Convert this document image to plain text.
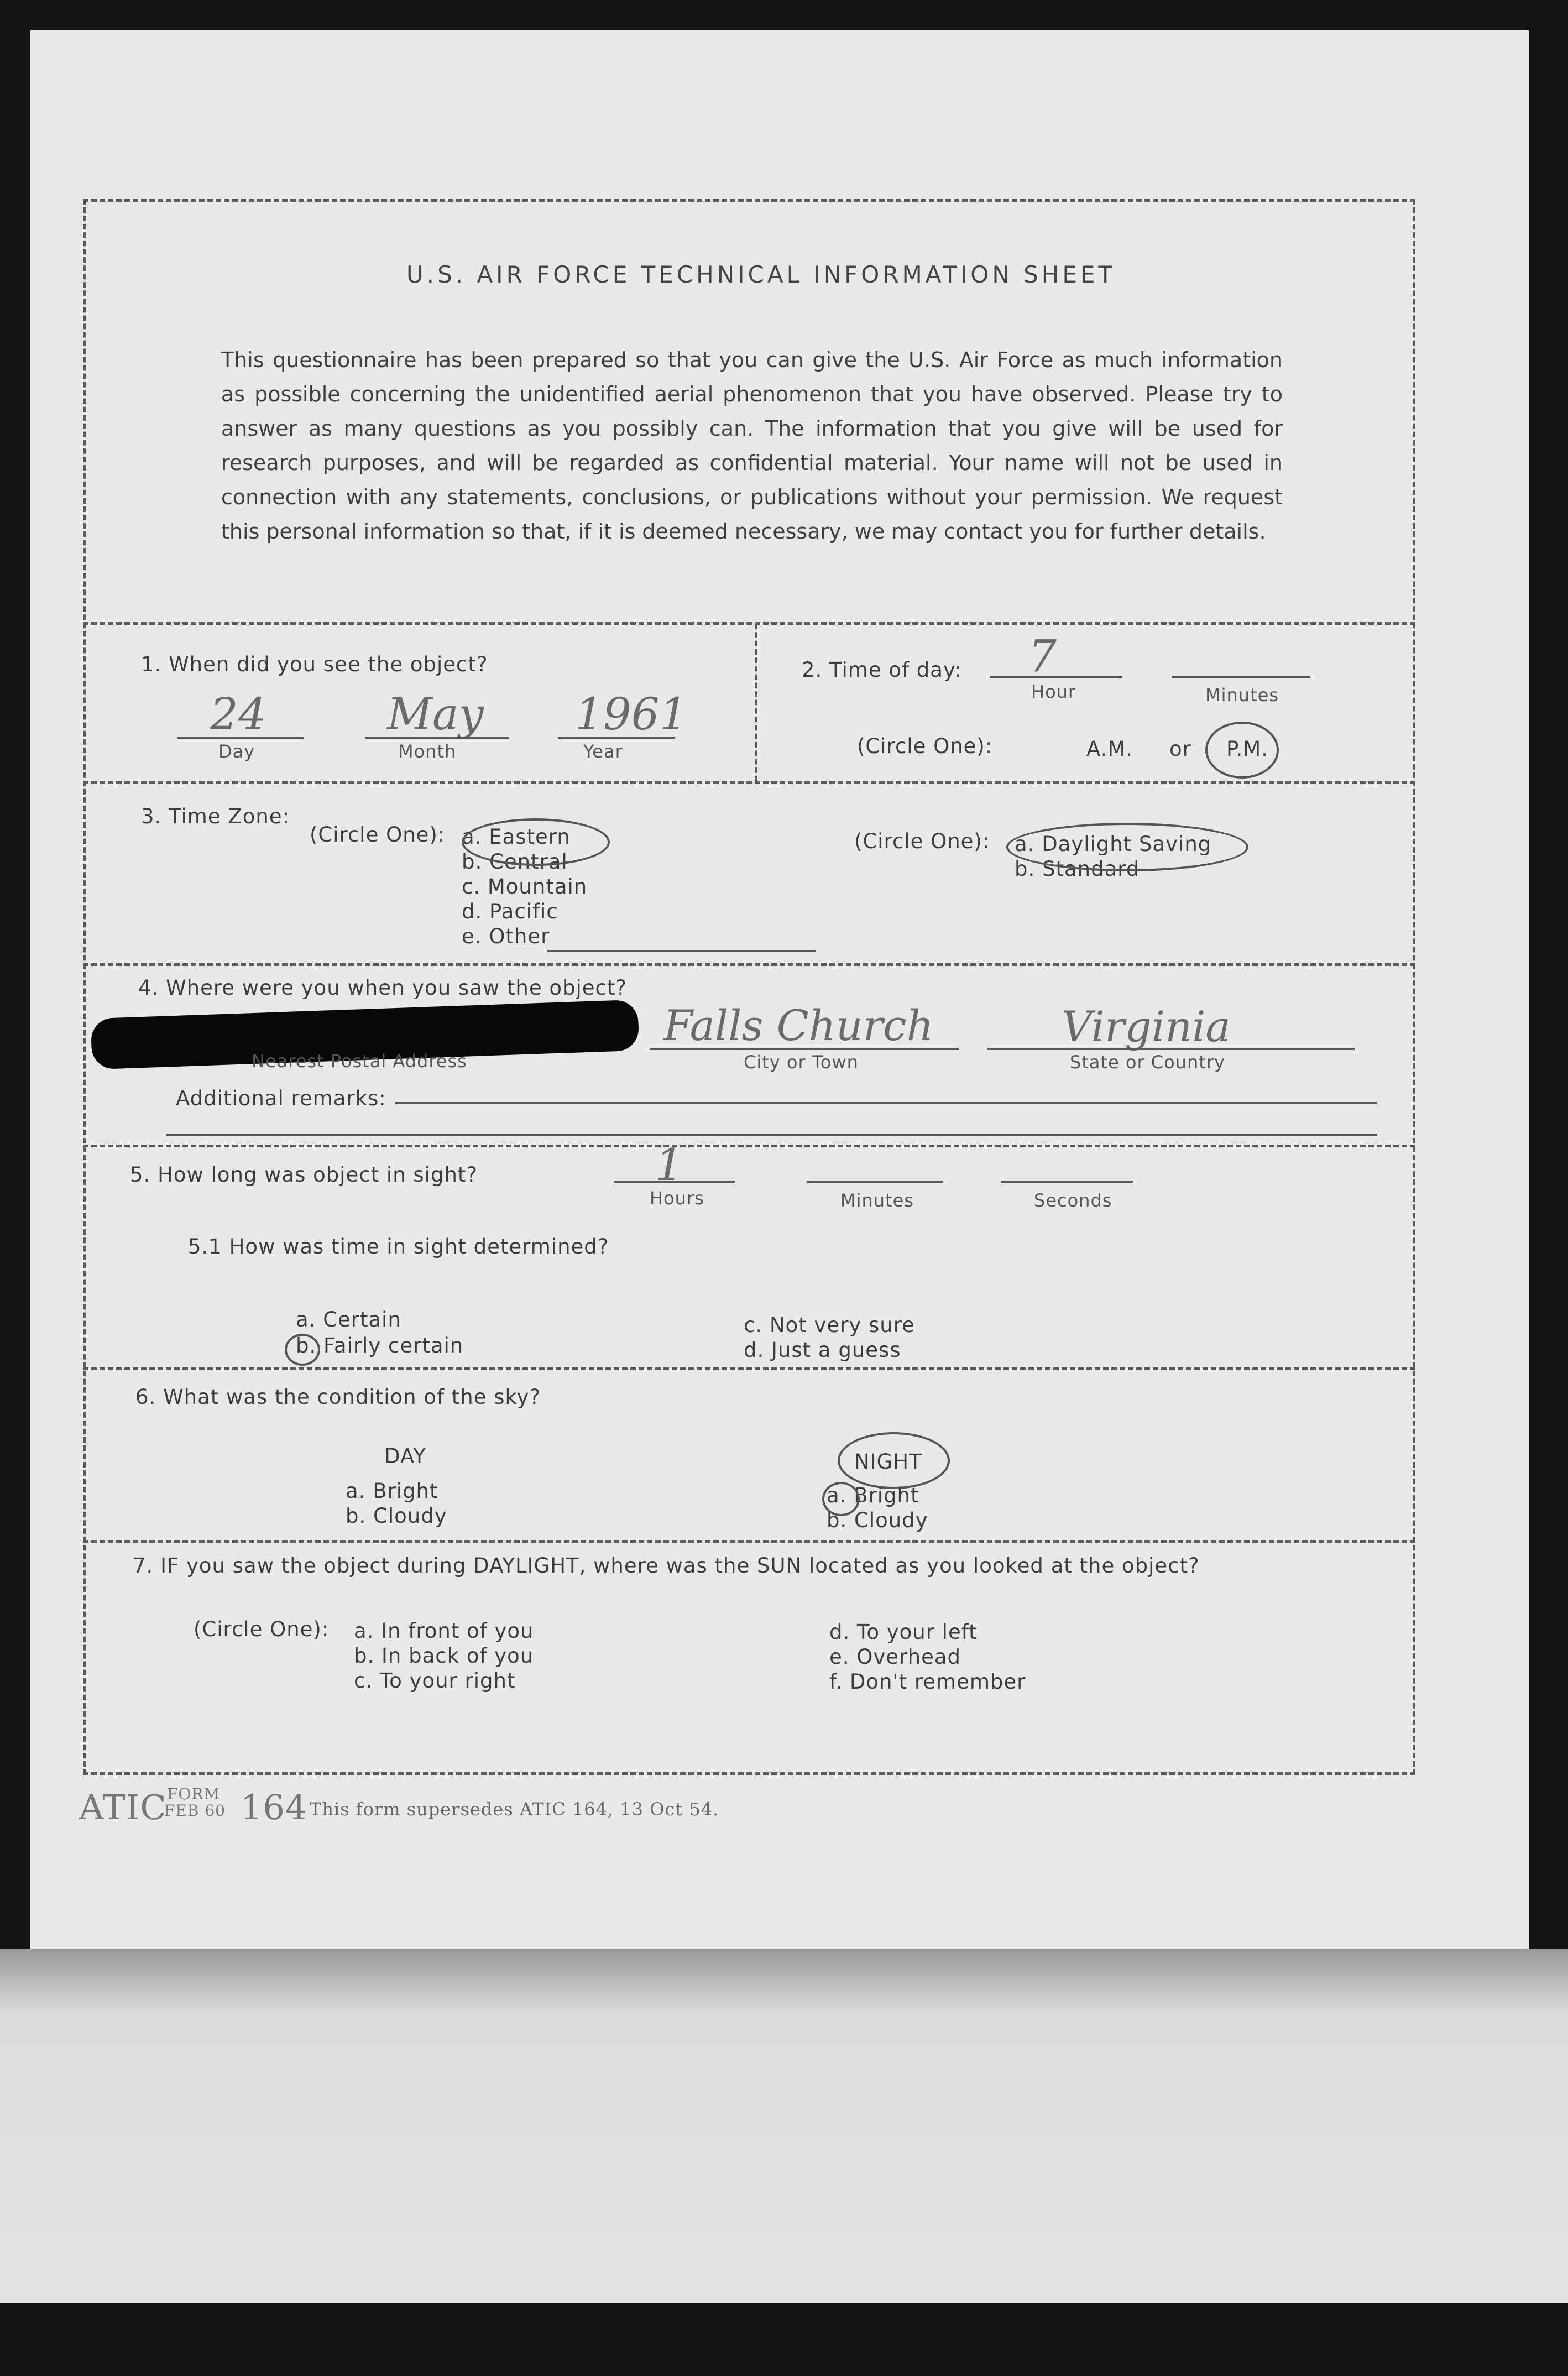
U.S. AIR FORCE TECHNICAL INFORMATION SHEET
This questionnaire has been prepared so that you can give the U.S. Air Force as much information as possible concerning the unidentified aerial phenomenon that you have observed. Please try to answer as many questions as you possibly can. The information that you give will be used for research purposes, and will be regarded as confidential material. Your name will not be used in connection with any statements, conclusions, or publications without your permission. We request this personal information so that, if it is deemed necessary, we may contact you for further details.
1. When did you see the object?
24	May 1961
Day	Month	Year
2. Time of day: 7
Hour	Minutes
(Circle One):	A.M. or P.M.
3. Time Zone:
(Circle One): a. Eastern
b. Central
c. Mountain
d. Pacific
e. Other
(Circle One): a. Daylight Saving
b. Standard
4. Where were you when you saw the object?
Nearest Postal Address
Falls Church
City or Town
Virginia
State or Country
Additional remarks:
5. How long was object in sight?	1
Hours	Minutes	Seconds
5.1 How was time in sight determined?
a. Certain
b. Fairly certain
c. Not very sure
d. Just a guess
6. What was the condition of the sky?
DAY
a. Bright
b. Cloudy
NIGHT
a. Bright
b. Cloudy
7. IF you saw the object during DAYLIGHT, where was the SUN located as you looked at the object?
(Circle One): a. In front of you
b. In back of you
c. To your right
d. To your left
e. Overhead
f. Don't remember
ATIC FORM
FEB 60 164 This form supersedes ATIC 164, 13 Oct 54.
